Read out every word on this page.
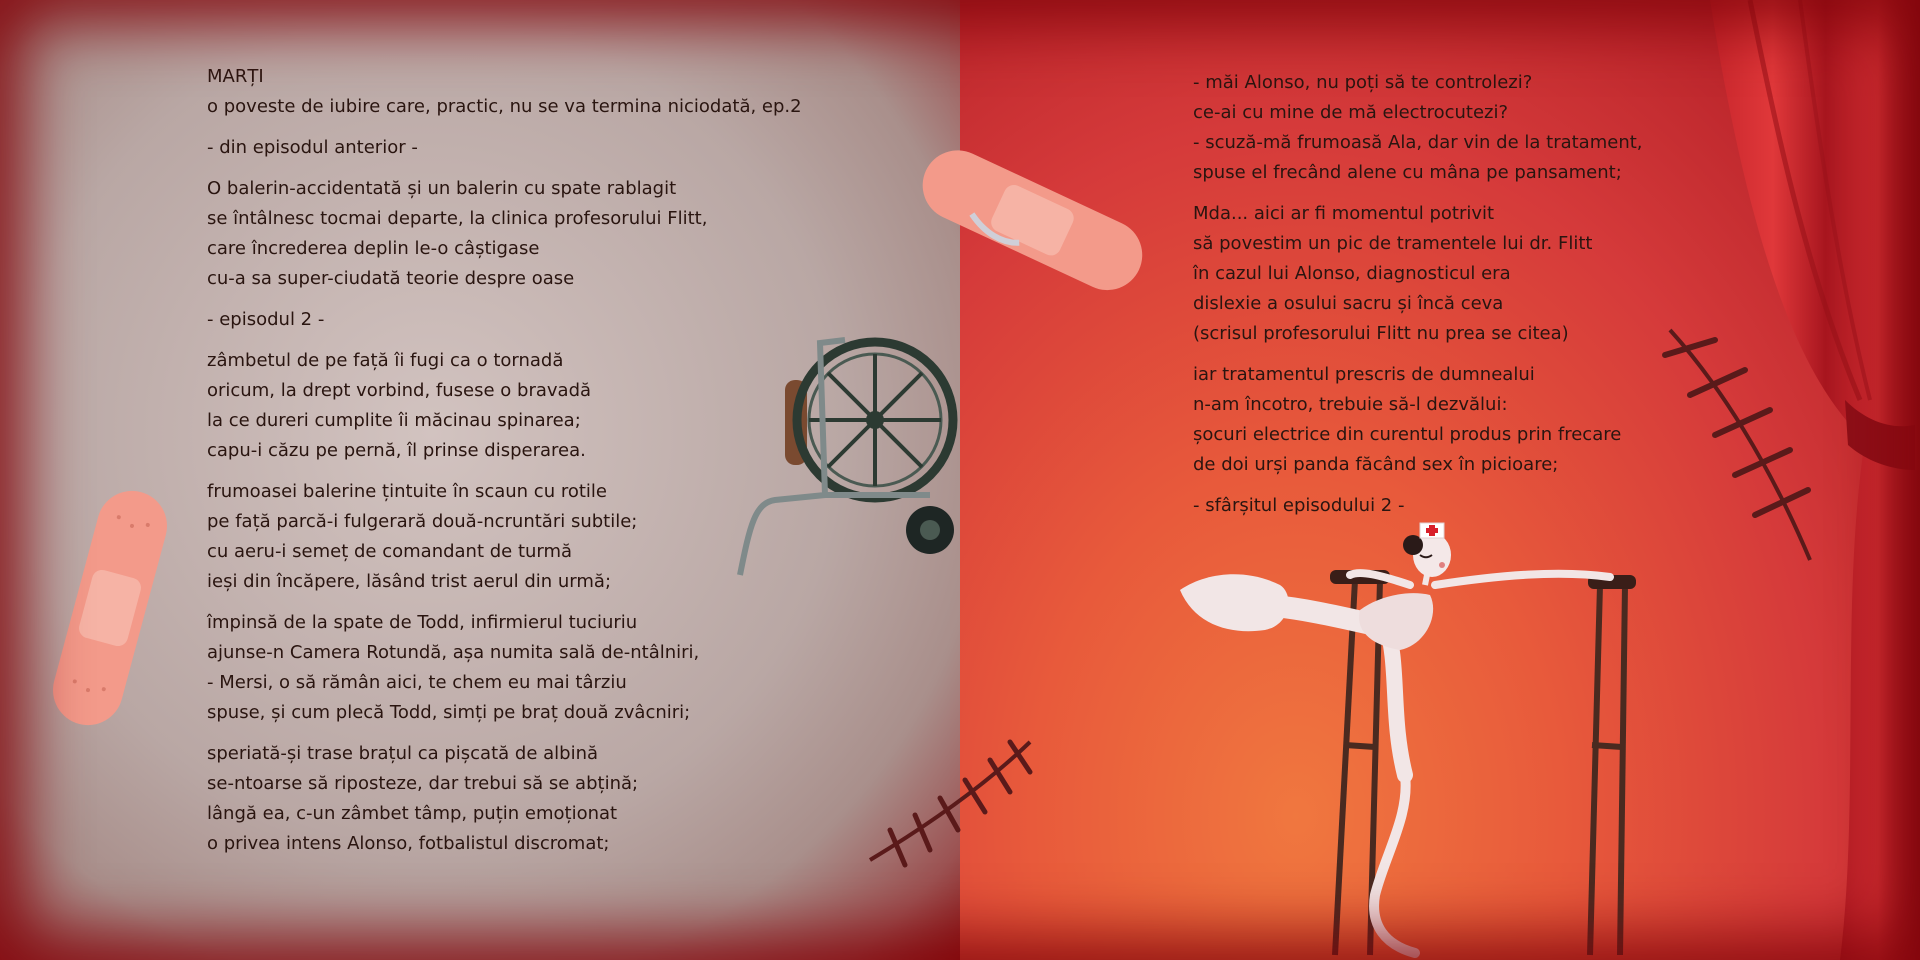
MARȚI
o poveste de iubire care, practic, nu se va termina niciodată, ep.2
- din episodul anterior -
O balerin-accidentată și un balerin cu spate rablagit
se întâlnesc tocmai departe, la clinica profesorului Flitt,
care încrederea deplin le-o câștigase
cu-a sa super-ciudată teorie despre oase
- episodul 2 -
zâmbetul de pe față îi fugi ca o tornadă
oricum, la drept vorbind, fusese o bravadă
la ce dureri cumplite îi măcinau spinarea;
capu-i căzu pe pernă, îl prinse disperarea.
frumoasei balerine țintuite în scaun cu rotile
pe față parcă-i fulgerară două-ncruntări subtile;
cu aeru-i semeț de comandant de turmă
ieși din încăpere, lăsând trist aerul din urmă;
împinsă de la spate de Todd, infirmierul tuciuriu
ajunse-n Camera Rotundă, așa numita sală de-ntâlniri,
- Mersi, o să rămân aici, te chem eu mai târziu
spuse, și cum plecă Todd, simți pe braț două zvâcniri;
speriată-și trase brațul ca pișcată de albină
se-ntoarse să riposteze, dar trebui să se abțină;
lângă ea, c-un zâmbet tâmp, puțin emoționat
o privea intens Alonso, fotbalistul discromat;
- măi Alonso, nu poți să te controlezi?
ce-ai cu mine de mă electrocutezi?
- scuză-mă frumoasă Ala, dar vin de la tratament,
spuse el frecând alene cu mâna pe pansament;
Mda... aici ar fi momentul potrivit
să povestim un pic de tramentele lui dr. Flitt
în cazul lui Alonso, diagnosticul era
dislexie a osului sacru și încă ceva
(scrisul profesorului Flitt nu prea se citea)
iar tratamentul prescris de dumnealui
n-am încotro, trebuie să-l dezvălui:
șocuri electrice din curentul produs prin frecare
de doi urși panda făcând sex în picioare;
- sfârșitul episodului 2 -
